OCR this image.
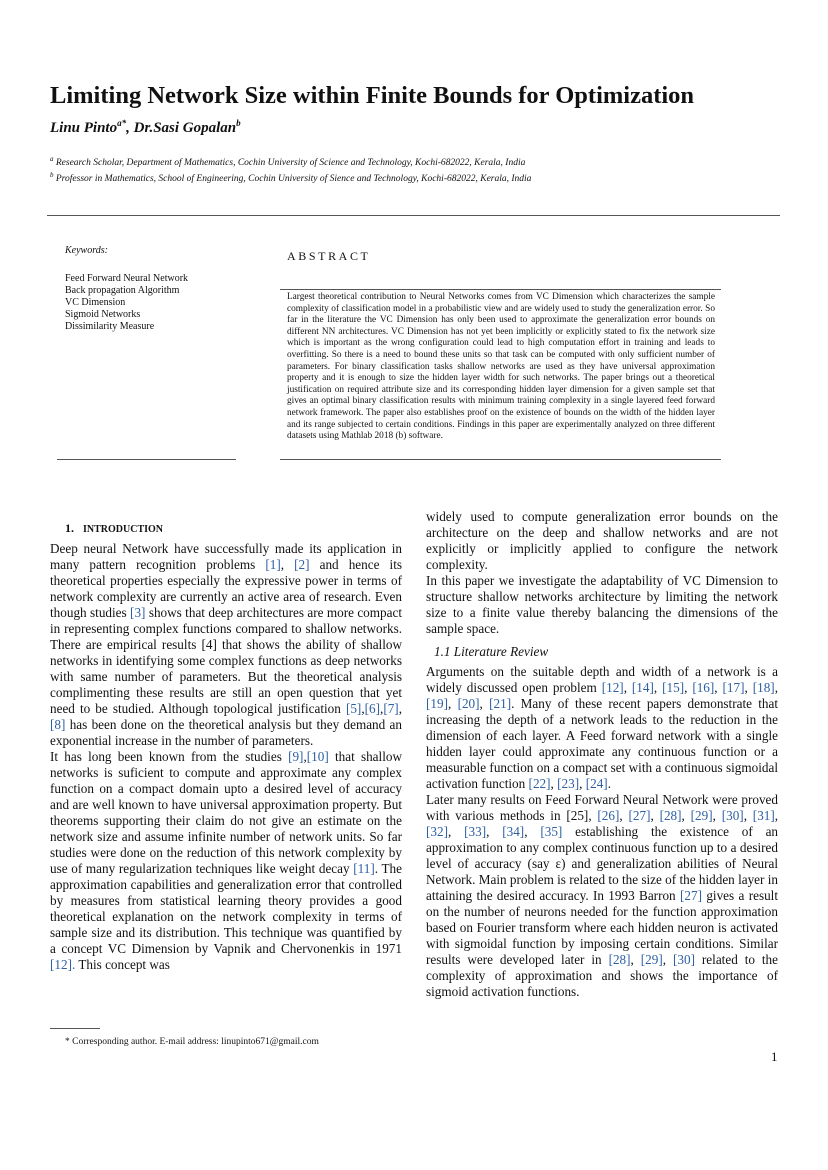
Limiting Network Size within Finite Bounds for Optimization
Linu Pinto$^{a*}$, Dr.Sasi Gopalan$^b$
$^a$ Research Scholar, Department of Mathematics, Cochin University of Science and Technology, Kochi-682022, Kerala, India
$^b$ Professor in Mathematics, School of Engineering, Cochin University of Sience and Technology, Kochi-682022, Kerala, India
Keywords:
Feed Forward Neural Network
Back propagation Algorithm
VC Dimension
Sigmoid Networks
Dissimilarity Measure
ABSTRACT
Largest theoretical contribution to Neural Networks comes from VC Dimension which characterizes the sample complexity of classification model in a probabilistic view and are widely used to study the generalization error. So far in the literature the VC Dimension has only been used to approximate the generalization error bounds on different NN architectures. VC Dimension has not yet been implicitly or explicitly stated to fix the network size which is important as the wrong configuration could lead to high computation effort in training and leads to overfitting. So there is a need to bound these units so that task can be computed with only sufficient number of parameters. For binary classification tasks shallow networks are used as they have universal approximation property and it is enough to size the hidden layer width for such networks. The paper brings out a theoretical justification on required attribute size and its corresponding hidden layer dimension for a given sample set that gives an optimal binary classification results with minimum training complexity in a single layered feed forward network framework. The paper also establishes proof on the existence of bounds on the width of the hidden layer and its range subjected to certain conditions. Findings in this paper are experimentally analyzed on three different datasets using Mathlab 2018 (b) software.
1. INTRODUCTION

Deep neural Network have successfully made its application in many pattern recognition problems [1], [2] and hence its theoretical properties especially the expressive power in terms of network complexity are currently an active area of research. Even though studies [3] shows that deep architectures are more compact in representing complex functions compared to shallow networks. There are empirical results [4] that shows the ability of shallow networks in identifying some complex functions as deep networks with same number of parameters. But the theoretical analysis complimenting these results are still an open question that yet need to be studied. Although topological justification [5],[6],[7],[8] has been done on the theoretical analysis but they demand an exponential increase in the number of parameters.

It has long been known from the studies [9],[10] that shallow networks is suficient to compute and approximate any complex function on a compact domain upto a desired level of accuracy and are well known to have universal approximation property. But theorems supporting their claim do not give an estimate on the network size and assume infinite number of network units. So far studies were done on the reduction of this network complexity by use of many regularization techniques like weight decay [11]. The approximation capabilities and generalization error that controlled by measures from statistical learning theory provides a good theoretical explanation on the network complexity in terms of sample size and its distribution. This technique was quantified by a concept VC Dimension by Vapnik and Chervonenkis in 1971 [12]. This concept was

widely used to compute generalization error bounds on the architecture on the deep and shallow networks and are not explicitly or implicitly applied to configure the network complexity.

In this paper we investigate the adaptability of VC Dimension to structure shallow networks architecture by limiting the network size to a finite value thereby balancing the dimensions of the sample space.

1.1 Literature Review

Arguments on the suitable depth and width of a network is a widely discussed open problem [12], [14], [15], [16], [17], [18], [19], [20], [21]. Many of these recent papers demonstrate that increasing the depth of a network leads to the reduction in the dimension of each layer. A Feed forward network with a single hidden layer could approximate any continuous function or a measurable function on a compact set with a continuous sigmoidal activation function [22], [23], [24].

Later many results on Feed Forward Neural Network were proved with various methods in [25], [26], [27], [28], [29], [30], [31], [32], [33], [34], [35] establishing the existence of an approximation to any complex continuous function up to a desired level of accuracy (say ε) and generalization abilities of Neural Network. Main problem is related to the size of the hidden layer in attaining the desired accuracy. In 1993 Barron [27] gives a result on the number of neurons needed for the function approximation based on Fourier transform where each hidden neuron is activated with sigmoidal function by imposing certain conditions. Similar results were developed later in [28], [29], [30] related to the complexity of approximation and shows the importance of sigmoid activation functions.

* Corresponding author. E-mail address: linupinto671@gmail.com
1
